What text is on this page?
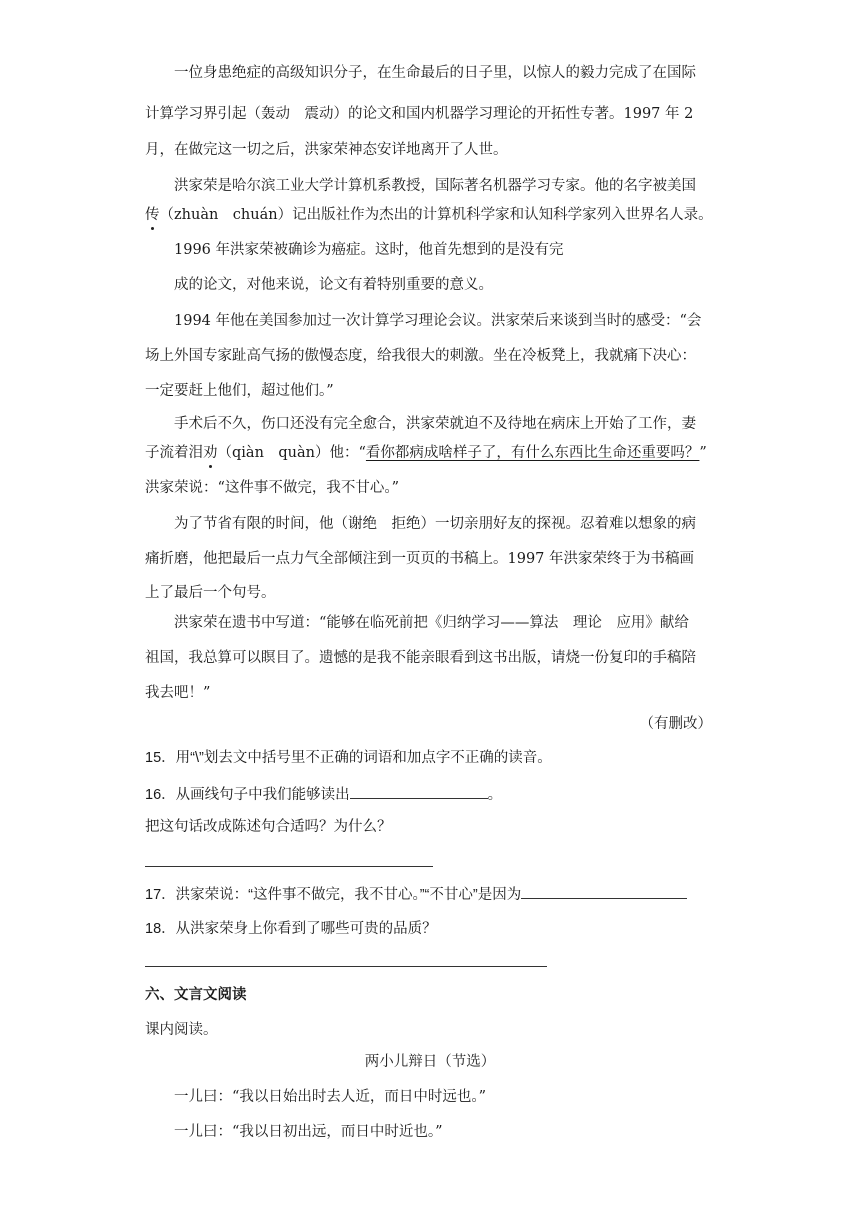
一位身患绝症的高级知识分子，在生命最后的日子里，以惊人的毅力完成了在国际
计算学习界引起（轰动　震动）的论文和国内机器学习理论的开拓性专著。1997 年 2
月，在做完这一切之后，洪家荣神态安详地离开了人世。
洪家荣是哈尔滨工业大学计算机系教授，国际著名机器学习专家。他的名字被美国
传（zhuàn　chuán）记出版社作为杰出的计算机科学家和认知科学家列入世界名人录。
1996 年洪家荣被确诊为癌症。这时，他首先想到的是没有完
成的论文，对他来说，论文有着特别重要的意义。
1994 年他在美国参加过一次计算学习理论会议。洪家荣后来谈到当时的感受：“会
场上外国专家趾高气扬的傲慢态度，给我很大的刺激。坐在冷板凳上，我就痛下决心：
一定要赶上他们，超过他们。”
手术后不久，伤口还没有完全愈合，洪家荣就迫不及待地在病床上开始了工作，妻
子流着泪劝（qiàn　quàn）他：“看你都病成啥样子了，有什么东西比生命还重要吗？”
洪家荣说：“这件事不做完，我不甘心。”
为了节省有限的时间，他（谢绝　拒绝）一切亲朋好友的探视。忍着难以想象的病
痛折磨，他把最后一点力气全部倾注到一页页的书稿上。1997 年洪家荣终于为书稿画
上了最后一个句号。
洪家荣在遗书中写道：“能够在临死前把《归纳学习——算法　理论　应用》献给
祖国，我总算可以瞑目了。遗憾的是我不能亲眼看到这书出版，请烧一份复印的手稿陪
我去吧！”
（有删改）
15．用“\”划去文中括号里不正确的词语和加点字不正确的读音。
16．从画线句子中我们能够读出	。
把这句话改成陈述句合适吗？为什么？
17．洪家荣说：“这件事不做完，我不甘心。”“不甘心”是因为
18．从洪家荣身上你看到了哪些可贵的品质？
六、文言文阅读
课内阅读。
两小儿辩日（节选）
一儿曰：“我以日始出时去人近，而日中时远也。”
一儿曰：“我以日初出远，而日中时近也。”
